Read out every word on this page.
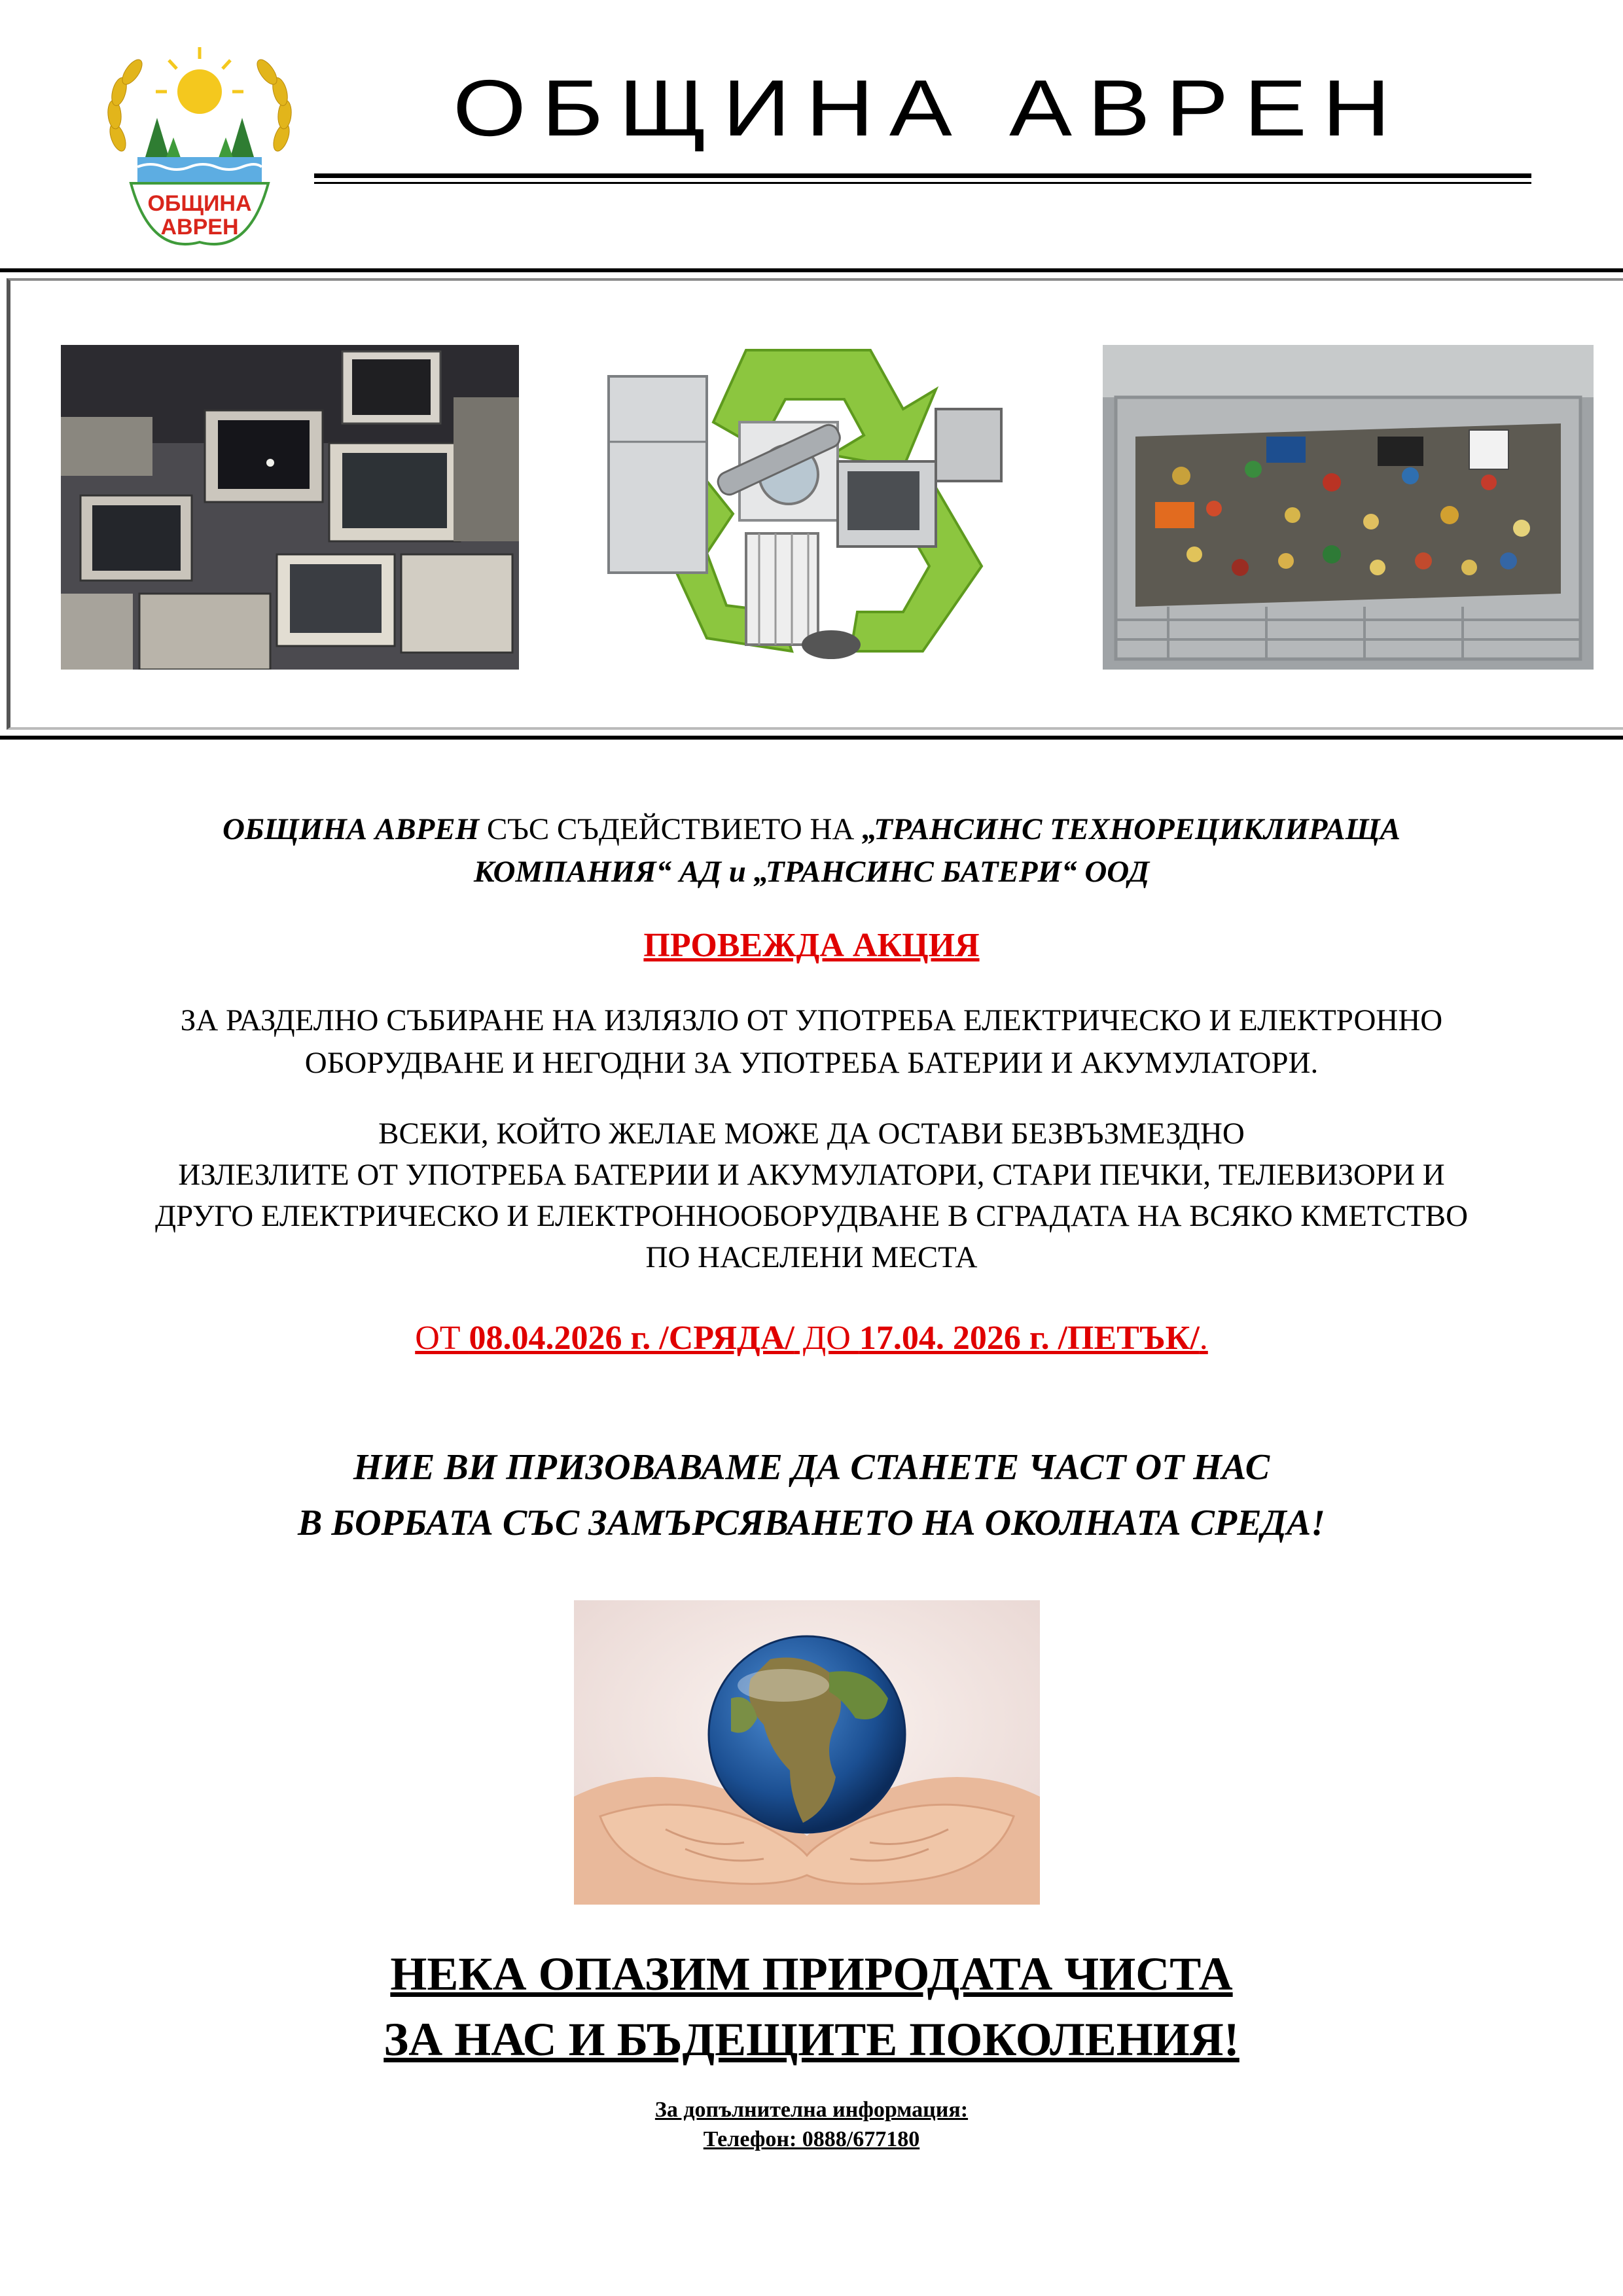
ОБЩИНА
АВРЕН
ОБЩИНА АВРЕН
ОБЩИНА АВРЕН СЪС СЪДЕЙСТВИЕТО НА „ТРАНСИНС ТЕХНОРЕЦИКЛИРАЩА
КОМПАНИЯ“ АД и „ТРАНСИНС БАТЕРИ“ ООД
ПРОВЕЖДА АКЦИЯ
ЗА РАЗДЕЛНО СЪБИРАНЕ НА ИЗЛЯЗЛО ОТ УПОТРЕБА ЕЛЕКТРИЧЕСКО И ЕЛЕКТРОННО
ОБОРУДВАНЕ И НЕГОДНИ ЗА УПОТРЕБА БАТЕРИИ И АКУМУЛАТОРИ.
ВСЕКИ, КОЙТО ЖЕЛАЕ МОЖЕ ДА ОСТАВИ БЕЗВЪЗМЕЗДНО
ИЗЛЕЗЛИТЕ ОТ УПОТРЕБА БАТЕРИИ И АКУМУЛАТОРИ, СТАРИ ПЕЧКИ, ТЕЛЕВИЗОРИ И
ДРУГО ЕЛЕКТРИЧЕСКО И ЕЛЕКТРОННООБОРУДВАНЕ В СГРАДАТА НА ВСЯКО КМЕТСТВО
ПО НАСЕЛЕНИ МЕСТА
ОТ 08.04.2026 г. /СРЯДА/ ДО 17.04. 2026 г. /ПЕТЪК/.
НИЕ ВИ ПРИЗОВАВАМЕ ДА СТАНЕТЕ ЧАСТ ОТ НАС
В БОРБАТА СЪС ЗАМЪРСЯВАНЕТО НА ОКОЛНАТА СРЕДА!
НЕКА ОПАЗИМ ПРИРОДАТА ЧИСТА
ЗА НАС И БЪДЕЩИТЕ ПОКОЛЕНИЯ!
За допълнителна информация:
Телефон: 0888/677180
